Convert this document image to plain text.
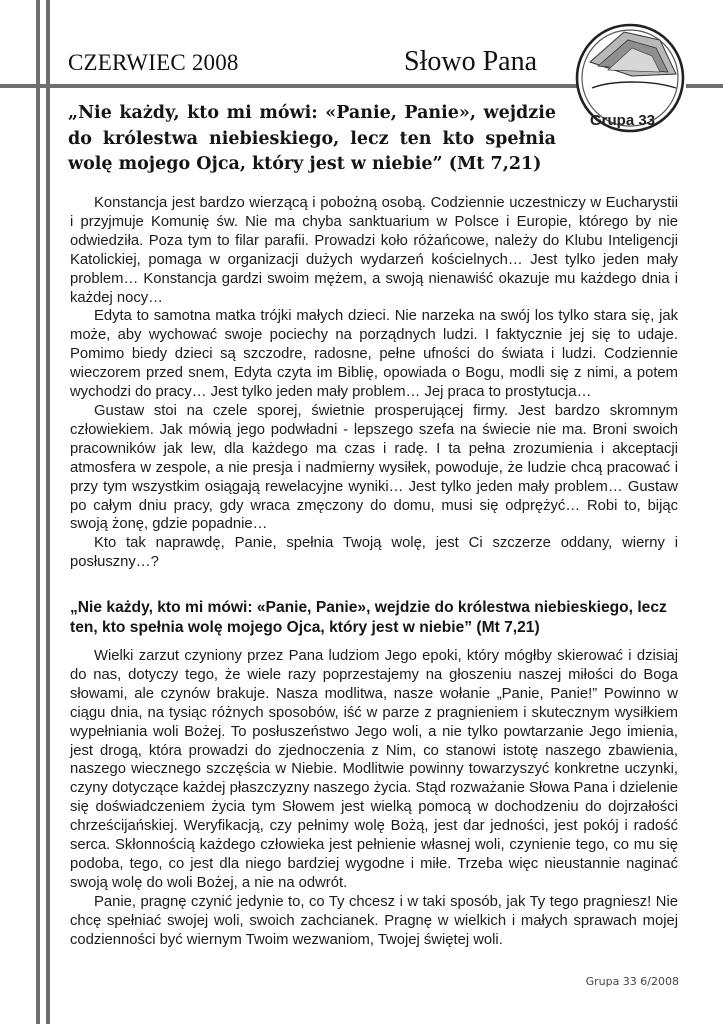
CZERWIEC 2008	Słowo Pana
Grupa 33

„Nie każdy, kto mi mówi: «Panie, Panie», wejdzie do królestwa niebieskiego, lecz ten kto spełnia wolę mojego Ojca, który jest w niebie” (Mt 7,21)

Konstancja jest bardzo wierzącą i pobożną osobą. Codziennie uczestniczy w Eucharystii i przyjmuje Komunię św. Nie ma chyba sanktuarium w Polsce i Europie, którego by nie odwiedziła. Poza tym to filar parafii. Prowadzi koło różańcowe, należy do Klubu Inteligencji Katolickiej, pomaga w organizacji dużych wydarzeń kościelnych… Jest tylko jeden mały problem… Konstancja gardzi swoim mężem, a swoją nienawiść okazuje mu każdego dnia i każdej nocy…

Edyta to samotna matka trójki małych dzieci. Nie narzeka na swój los tylko stara się, jak może, aby wychować swoje pociechy na porządnych ludzi. I faktycznie jej się to udaje. Pomimo biedy dzieci są szczodre, radosne, pełne ufności do świata i ludzi. Codziennie wieczorem przed snem, Edyta czyta im Biblię, opowiada o Bogu, modli się z nimi, a potem wychodzi do pracy… Jest tylko jeden mały problem… Jej praca to prostytucja…

Gustaw stoi na czele sporej, świetnie prosperującej firmy. Jest bardzo skromnym człowiekiem. Jak mówią jego podwładni - lepszego szefa na świecie nie ma. Broni swoich pracowników jak lew, dla każdego ma czas i radę. I ta pełna zrozumienia i akceptacji atmosfera w zespole, a nie presja i nadmierny wysiłek, powoduje, że ludzie chcą pracować i przy tym wszystkim osiągają rewelacyjne wyniki… Jest tylko jeden mały problem… Gustaw po całym dniu pracy, gdy wraca zmęczony do domu, musi się odprężyć… Robi to, bijąc swoją żonę, gdzie popadnie…

Kto tak naprawdę, Panie, spełnia Twoją wolę, jest Ci szczerze oddany, wierny i posłuszny…?

„Nie każdy, kto mi mówi: «Panie, Panie», wejdzie do królestwa niebieskiego, lecz ten, kto spełnia wolę mojego Ojca, który jest w niebie” (Mt 7,21)

Wielki zarzut czyniony przez Pana ludziom Jego epoki, który mógłby skierować i dzisiaj do nas, dotyczy tego, że wiele razy poprzestajemy na głoszeniu naszej miłości do Boga słowami, ale czynów brakuje. Nasza modlitwa, nasze wołanie „Panie, Panie!” Powinno w ciągu dnia, na tysiąc różnych sposobów, iść w parze z pragnieniem i skutecznym wysiłkiem wypełniania woli Bożej. To posłuszeństwo Jego woli, a nie tylko powtarzanie Jego imienia, jest drogą, która prowadzi do zjednoczenia z Nim, co stanowi istotę naszego zbawienia, naszego wiecznego szczęścia w Niebie. Modlitwie powinny towarzyszyć konkretne uczynki, czyny dotyczące każdej płaszczyzny naszego życia. Stąd rozważanie Słowa Pana i dzielenie się doświadczeniem życia tym Słowem jest wielką pomocą w dochodzeniu do dojrzałości chrześcijańskiej. Weryfikacją, czy pełnimy wolę Bożą, jest dar jedności, jest pokój i radość serca. Skłonnością każdego człowieka jest pełnienie własnej woli, czynienie tego, co mu się podoba, tego, co jest dla niego bardziej wygodne i miłe. Trzeba więc nieustannie naginać swoją wolę do woli Bożej, a nie na odwrót.

Panie, pragnę czynić jedynie to, co Ty chcesz i w taki sposób, jak Ty tego pragniesz! Nie chcę spełniać swojej woli, swoich zachcianek. Pragnę w wielkich i małych sprawach mojej codzienności być wiernym Twoim wezwaniom, Twojej świętej woli.

Grupa 33 6/2008
